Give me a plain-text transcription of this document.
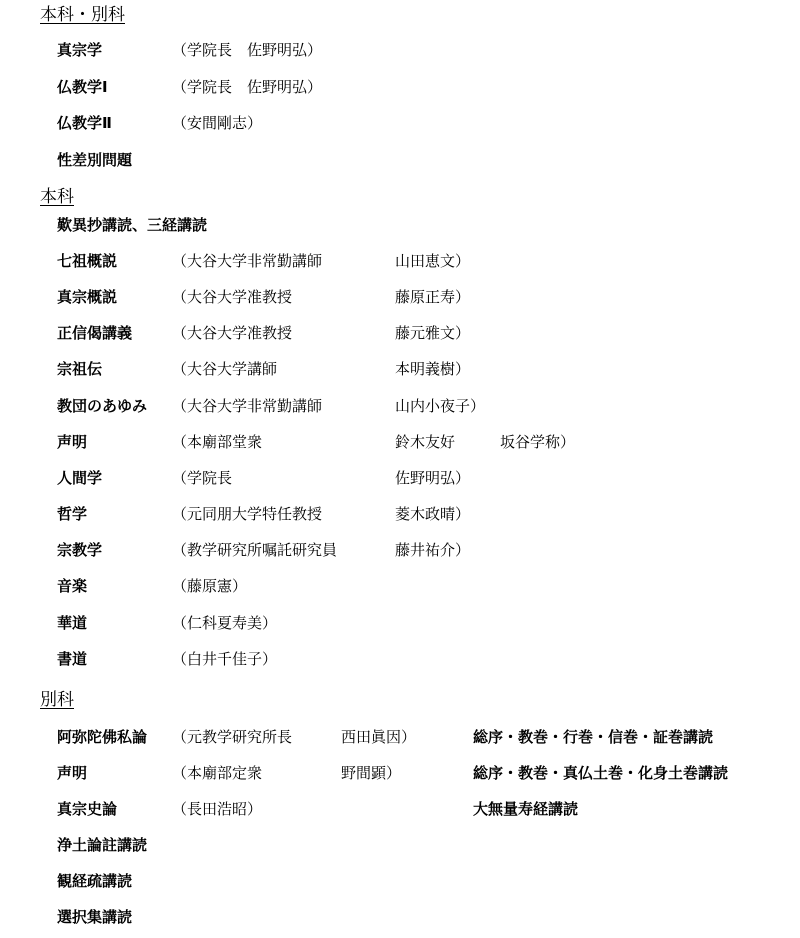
本科・別科
真宗学	（学院長　佐野明弘）
仏教学Ⅰ	（学院長　佐野明弘）
仏教学Ⅱ	（安間剛志）
性差別問題
本科
歎異抄講読、三経講読
七祖概説	（大谷大学非常勤講師	山田恵文）
真宗概説	（大谷大学准教授	藤原正寿）
正信偈講義	（大谷大学准教授	藤元雅文）
宗祖伝	（大谷大学講師	本明義樹）
教団のあゆみ （大谷大学非常勤講師	山内小夜子）
声明	（本廟部堂衆	鈴木友好	坂谷学称）
人間学	（学院長	佐野明弘）
哲学	（元同朋大学特任教授	菱木政晴）
宗教学	（教学研究所嘱託研究員	藤井祐介）
音楽	（藤原憲）
華道	（仁科夏寿美）
書道	（白井千佳子）
別科
阿弥陀佛私論 （元教学研究所長	西田眞因）	総序・教巻・行巻・信巻・証巻講読
声明	（本廟部定衆	野間顕）	総序・教巻・真仏土巻・化身土巻講読
真宗史論	（長田浩昭）	大無量寿経講読
浄土論註講読
観経疏講読
選択集講読
